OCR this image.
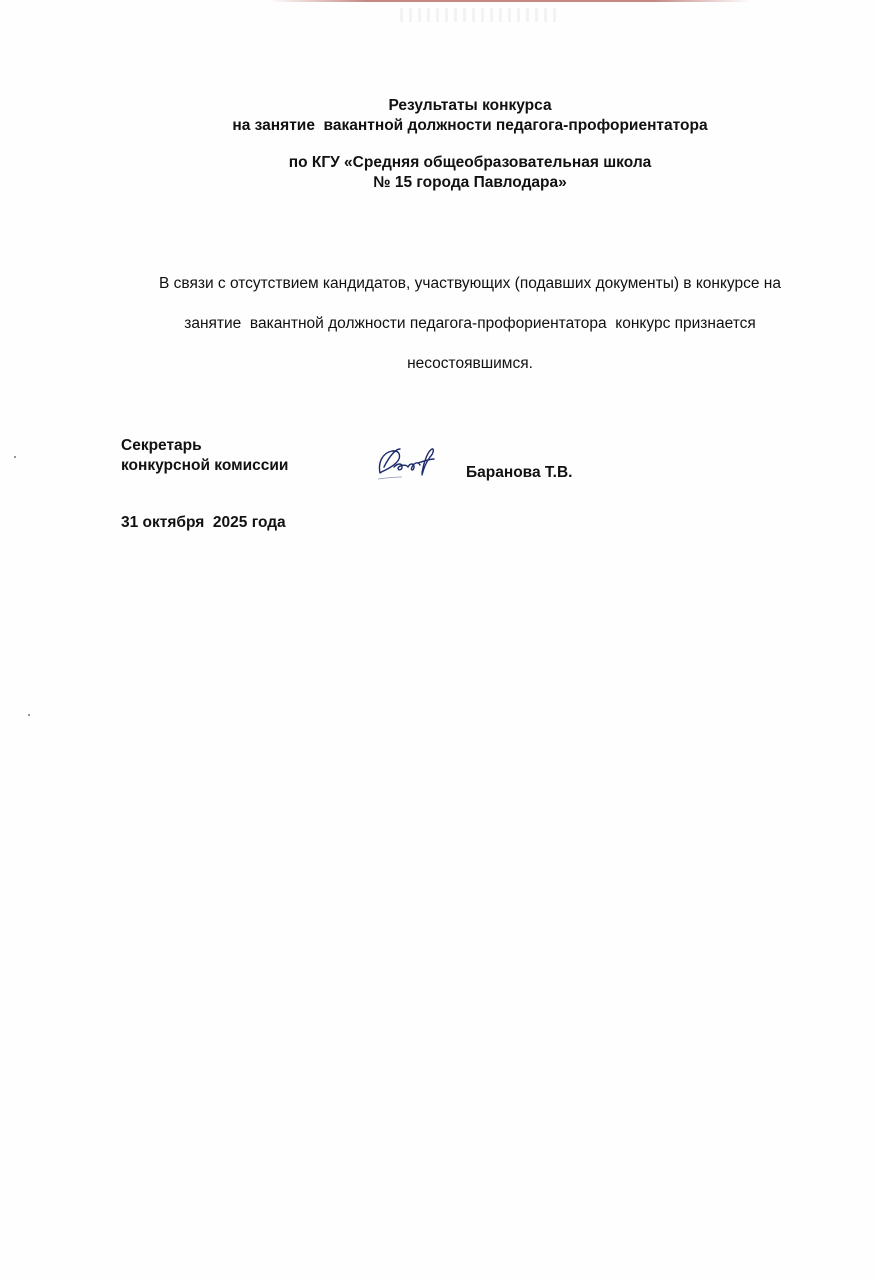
Результаты конкурса
на занятие  вакантной должности педагога-профориентатора
по КГУ «Средняя общеобразовательная школа
№ 15 города Павлодара»

В связи с отсутствием кандидатов, участвующих (подавших документы) в конкурсе на

занятие  вакантной должности педагога-профориентатора  конкурс признается

несостоявшимся.

Секретарь
конкурсной комиссии	Баранова Т.В.
31 октября  2025 года
